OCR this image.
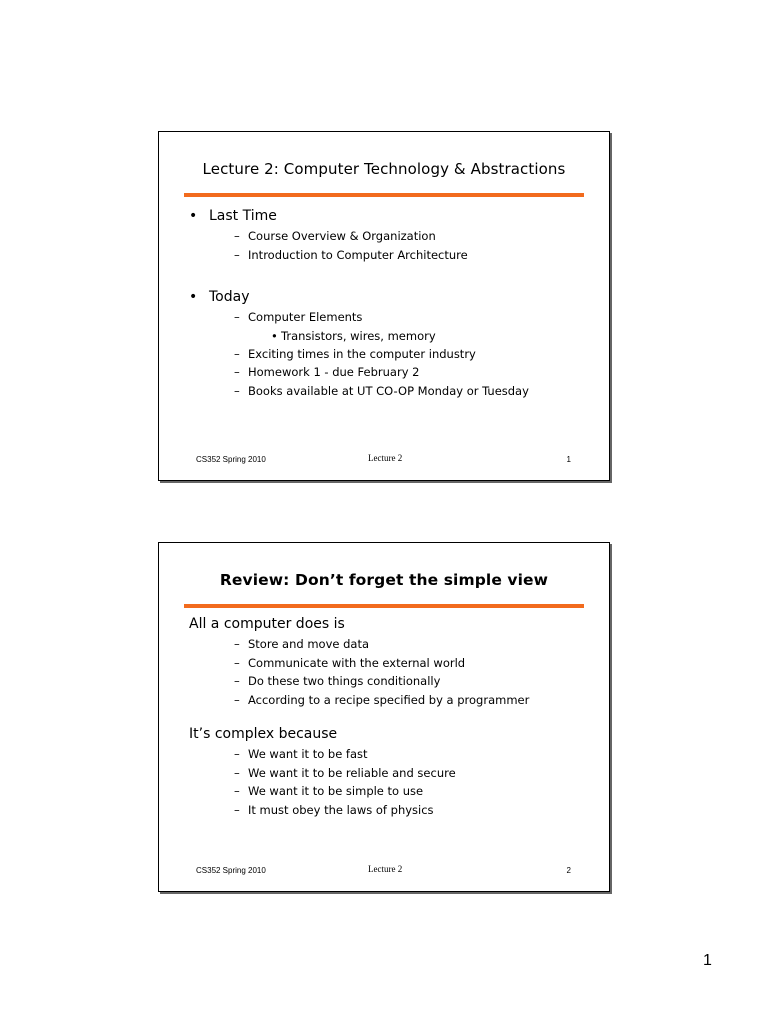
Lecture 2: Computer Technology & Abstractions
• Last Time
– Course Overview & Organization
– Introduction to Computer Architecture
• Today
– Computer Elements
• Transistors, wires, memory
– Exciting times in the computer industry
– Homework 1 - due February 2
– Books available at UT CO-OP Monday or Tuesday
CS352 Spring 2010	Lecture 2	1
Review: Don’t forget the simple view
All a computer does is
– Store and move data
– Communicate with the external world
– Do these two things conditionally
– According to a recipe specified by a programmer
It’s complex because
– We want it to be fast
– We want it to be reliable and secure
– We want it to be simple to use
– It must obey the laws of physics
CS352 Spring 2010	Lecture 2	2
1
